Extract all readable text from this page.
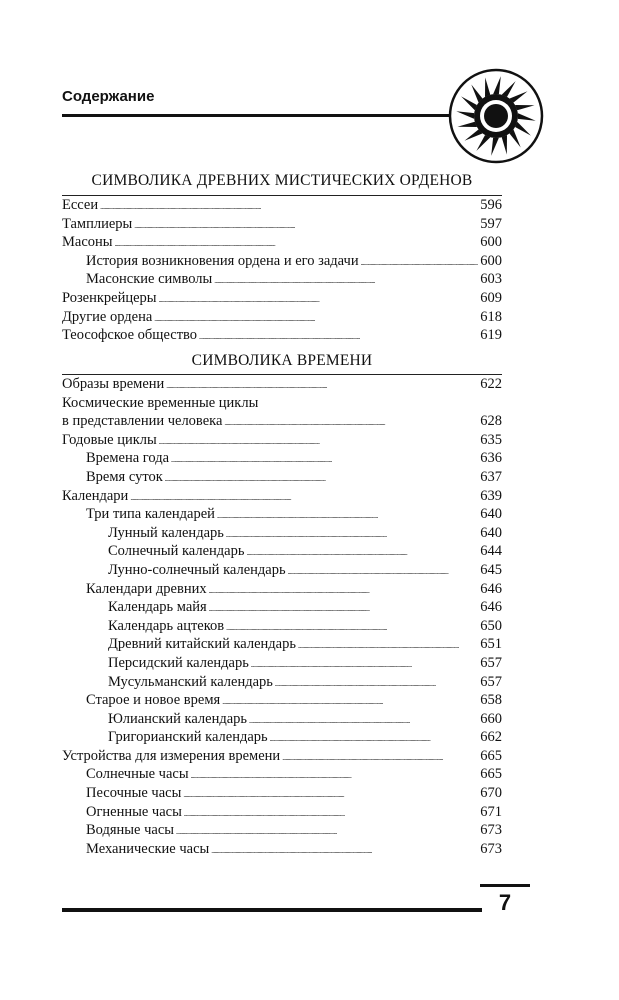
Содержание
СИМВОЛИКА ДРЕВНИХ МИСТИЧЕСКИХ ОРДЕНОВ
Ессеи . . .	596
Тамплиеры . . .	597
Масоны . . .	600
История возникновения ордена и его задачи . . .	600
Масонские символы . . .	603
Розенкрейцеры . . .	609
Другие ордена . . .	618
Теософское общество . . .	619
СИМВОЛИКА ВРЕМЕНИ
Образы времени . . .	622
Космические временные циклы
в представлении человека . . .	628
Годовые циклы . . .	635
Времена года . . .	636
Время суток . . .	637
Календари . . .	639
Три типа календарей . . .	640
Лунный календарь . . .	640
Солнечный календарь . . .	644
Лунно-солнечный календарь . . .	645
Календари древних . . .	646
Календарь майя . . .	646
Календарь ацтеков . . .	650
Древний китайский календарь . . .	651
Персидский календарь . . .	657
Мусульманский календарь . . .	657
Старое и новое время . . .	658
Юлианский календарь . . .	660
Григорианский календарь . . .	662
Устройства для измерения времени . . .	665
Солнечные часы . . .	665
Песочные часы . . .	670
Огненные часы . . .	671
Водяные часы . . .	673
Механические часы . . .	673
7
